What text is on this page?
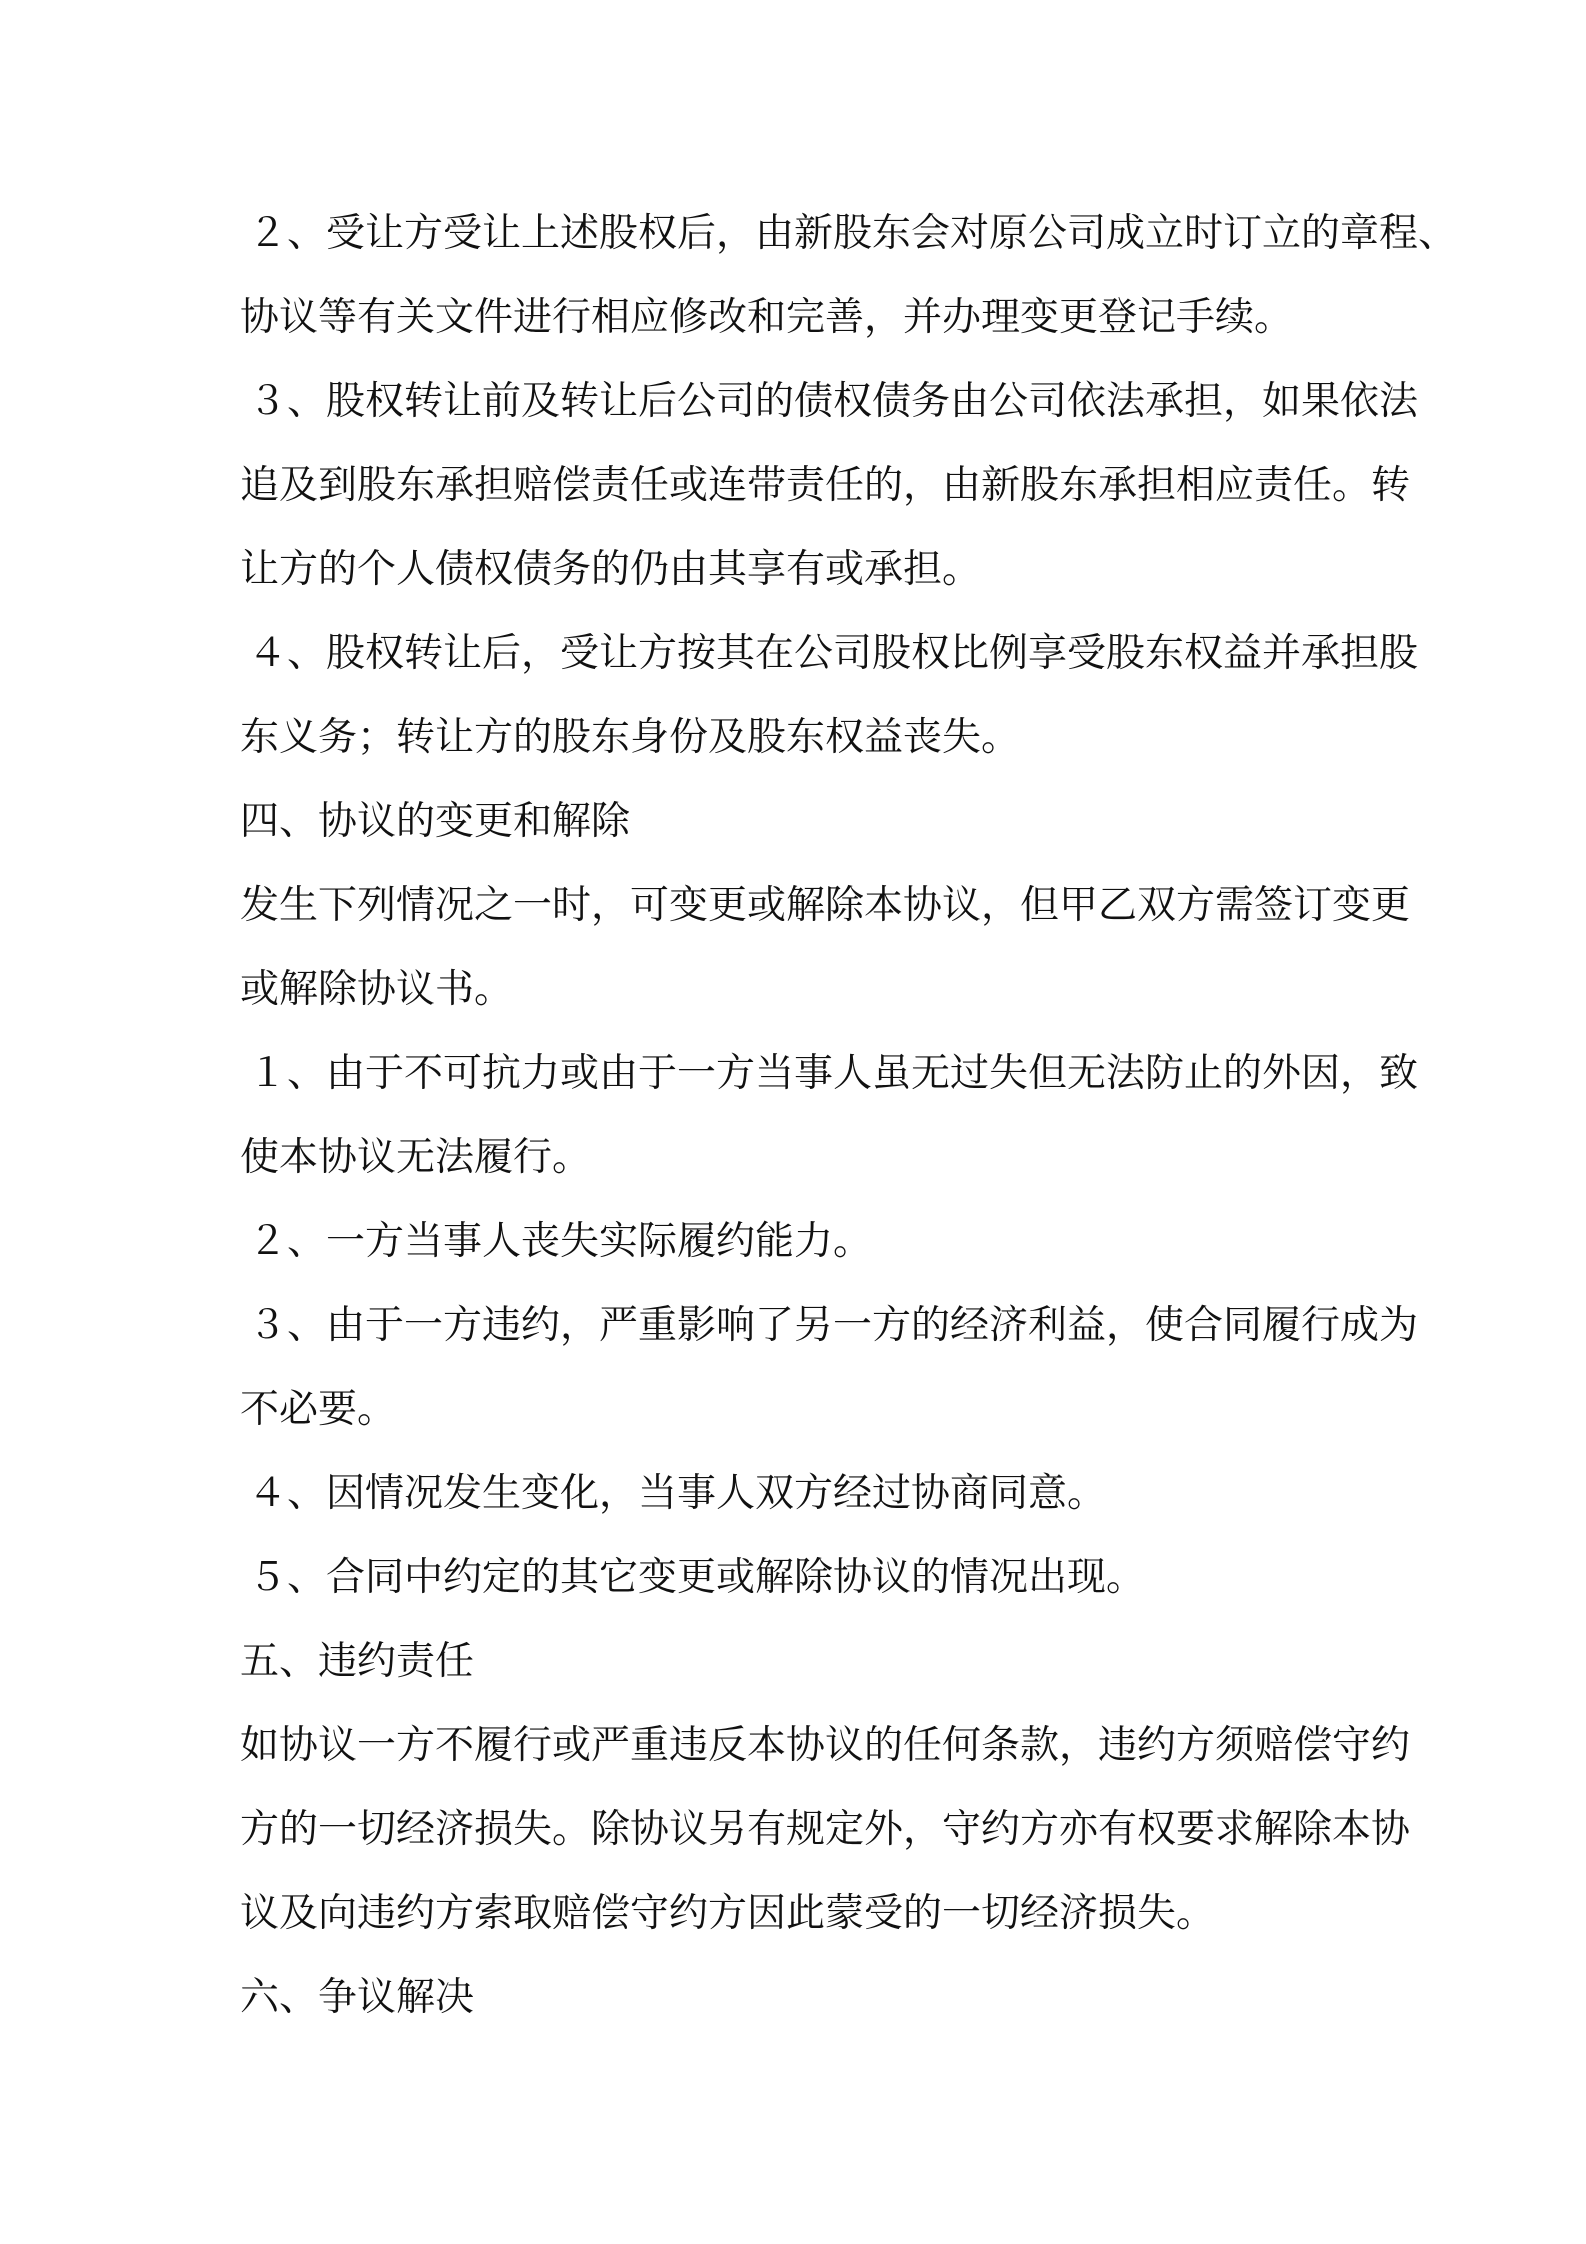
２、受让方受让上述股权后，由新股东会对原公司成立时订立的章程、
协议等有关文件进行相应修改和完善，并办理变更登记手续。
３、股权转让前及转让后公司的债权债务由公司依法承担，如果依法
追及到股东承担赔偿责任或连带责任的，由新股东承担相应责任。转
让方的个人债权债务的仍由其享有或承担。
４、股权转让后，受让方按其在公司股权比例享受股东权益并承担股
东义务；转让方的股东身份及股东权益丧失。
四、协议的变更和解除
发生下列情况之一时，可变更或解除本协议，但甲乙双方需签订变更
或解除协议书。
１、由于不可抗力或由于一方当事人虽无过失但无法防止的外因，致
使本协议无法履行。
２、一方当事人丧失实际履约能力。
３、由于一方违约，严重影响了另一方的经济利益，使合同履行成为
不必要。
４、因情况发生变化，当事人双方经过协商同意。
５、合同中约定的其它变更或解除协议的情况出现。
五、违约责任
如协议一方不履行或严重违反本协议的任何条款，违约方须赔偿守约
方的一切经济损失。除协议另有规定外，守约方亦有权要求解除本协
议及向违约方索取赔偿守约方因此蒙受的一切经济损失。
六、争议解决
